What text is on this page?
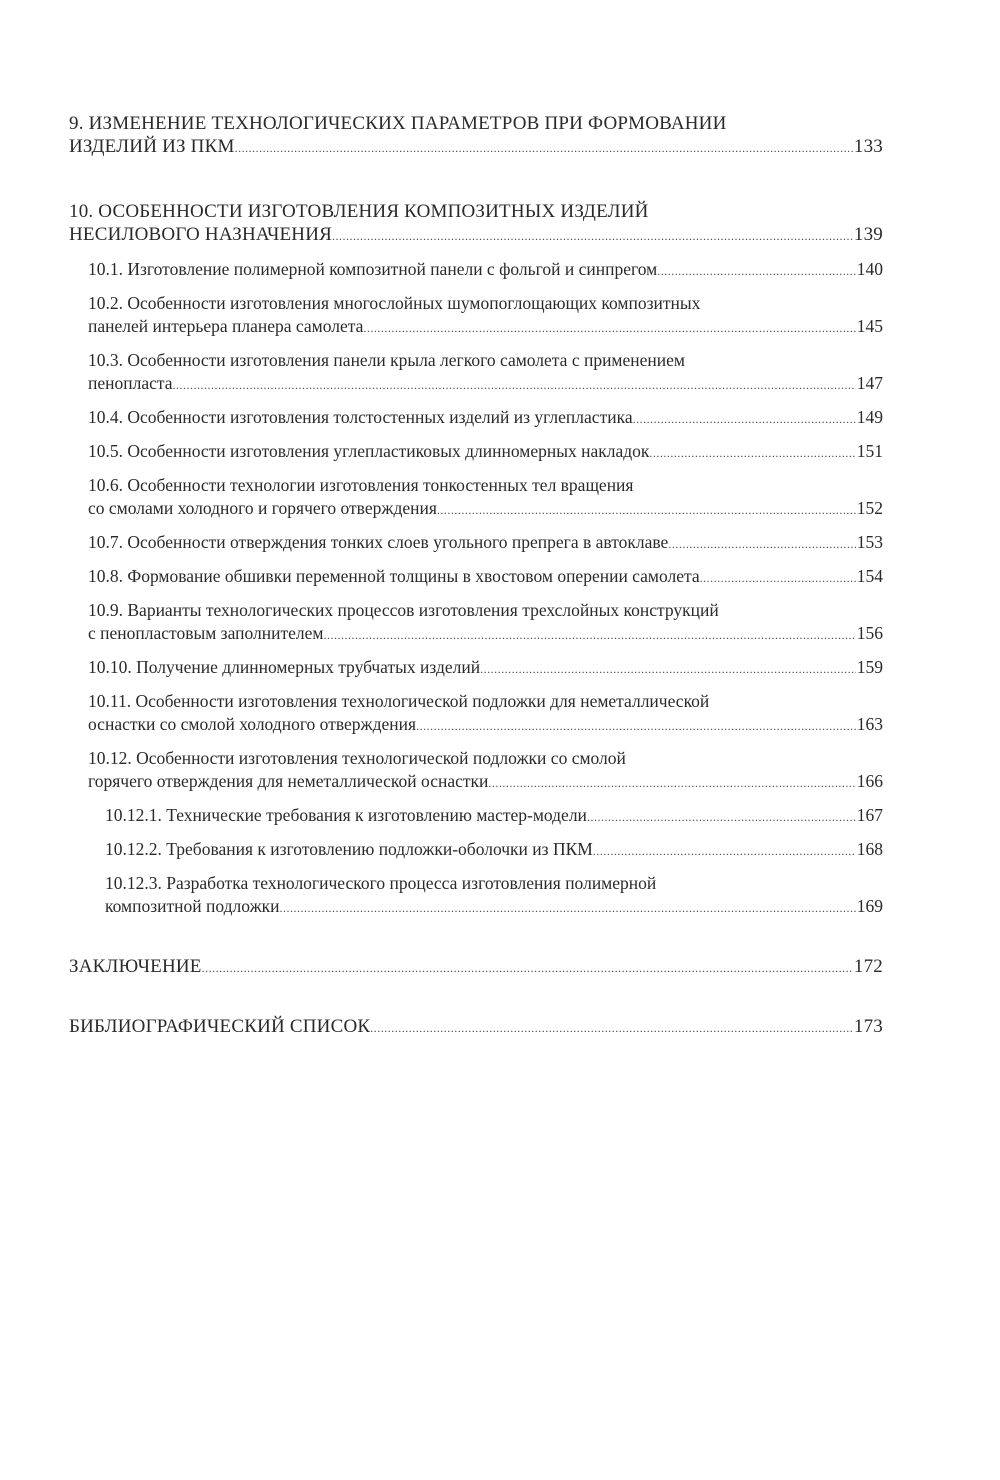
9. ИЗМЕНЕНИЕ ТЕХНОЛОГИЧЕСКИХ ПАРАМЕТРОВ ПРИ ФОРМОВАНИИ
ИЗДЕЛИЙ ИЗ ПКМ .....	133
10. ОСОБЕННОСТИ ИЗГОТОВЛЕНИЯ КОМПОЗИТНЫХ ИЗДЕЛИЙ
НЕСИЛОВОГО НАЗНАЧЕНИЯ .....	139
10.1. Изготовление полимерной композитной панели с фольгой и синпрегом .....	140
10.2. Особенности изготовления многослойных шумопоглощающих композитных
панелей интерьера планера самолета .....	145
10.3. Особенности изготовления панели крыла легкого самолета с применением
пенопласта .....	147
10.4. Особенности изготовления толстостенных изделий из углепластика .....	149
10.5. Особенности изготовления углепластиковых длинномерных накладок .....	151
10.6. Особенности технологии изготовления тонкостенных тел вращения
со смолами холодного и горячего отверждения .....	152
10.7. Особенности отверждения тонких слоев угольного препрега в автоклаве .....	153
10.8. Формование обшивки переменной толщины в хвостовом оперении самолета .....	154
10.9. Варианты технологических процессов изготовления трехслойных конструкций
с пенопластовым заполнителем .....	156
10.10. Получение длинномерных трубчатых изделий .....	159
10.11. Особенности изготовления технологической подложки для неметаллической
оснастки со смолой холодного отверждения .....	163
10.12. Особенности изготовления технологической подложки со смолой
горячего отверждения для неметаллической оснастки .....	166
10.12.1. Технические требования к изготовлению мастер-модели .....	167
10.12.2. Требования к изготовлению подложки-оболочки из ПКМ .....	168
10.12.3. Разработка технологического процесса изготовления полимерной
композитной подложки .....	169
ЗАКЛЮЧЕНИЕ .....	172
БИБЛИОГРАФИЧЕСКИЙ СПИСОК .....	173
